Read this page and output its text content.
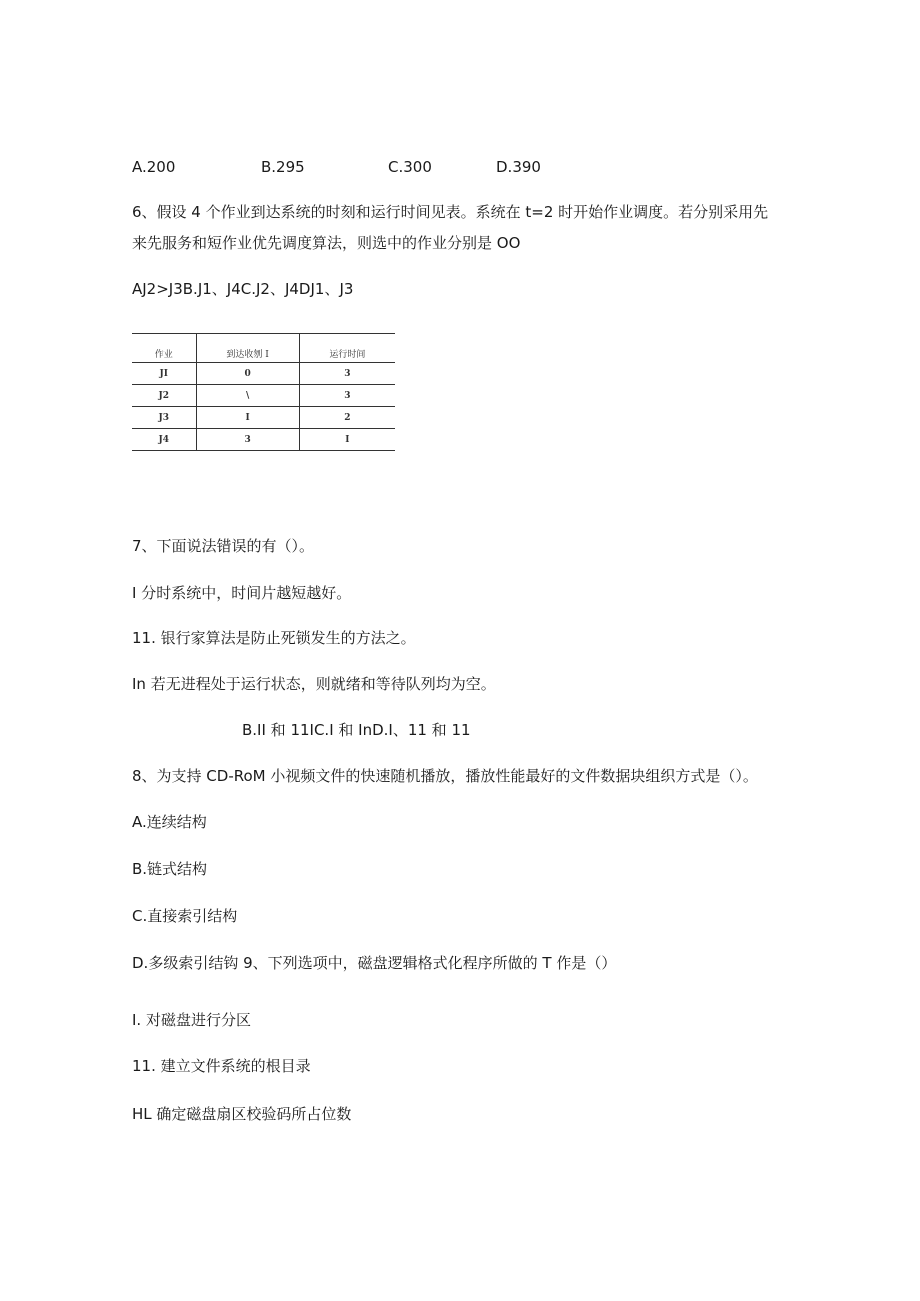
A.200	B.295	C.300	D.390
6、假设 4 个作业到达系统的时刻和运行时间见表。系统在 t=2 时开始作业调度。若分别采用先
来先服务和短作业优先调度算法，则选中的作业分别是 OO
AJ2>J3B.J1、J4C.J2、J4DJ1、J3
作业	到达收刎 I	运行时间
JI	0	3
J2	\	3
J3	I	2
J4	3	I
7、下面说法错误的有（）。
I 分时系统中，时间片越短越好。
11. 银行家算法是防止死锁发生的方法之。
In 若无进程处于运行状态，则就绪和等待队列均为空。
B.II 和 11IC.I 和 InD.I、11 和 11
8、为支持 CD-RoM 小视频文件的快速随机播放，播放性能最好的文件数据块组织方式是（）。
A.连续结构
B.链式结构
C.直接索引结构
D.多级索引结钩 9、下列选项中，磁盘逻辑格式化程序所做的 T 作是（）
I. 对磁盘进行分区
11. 建立文件系统的根目录
HL 确定磁盘扇区校验码所占位数
